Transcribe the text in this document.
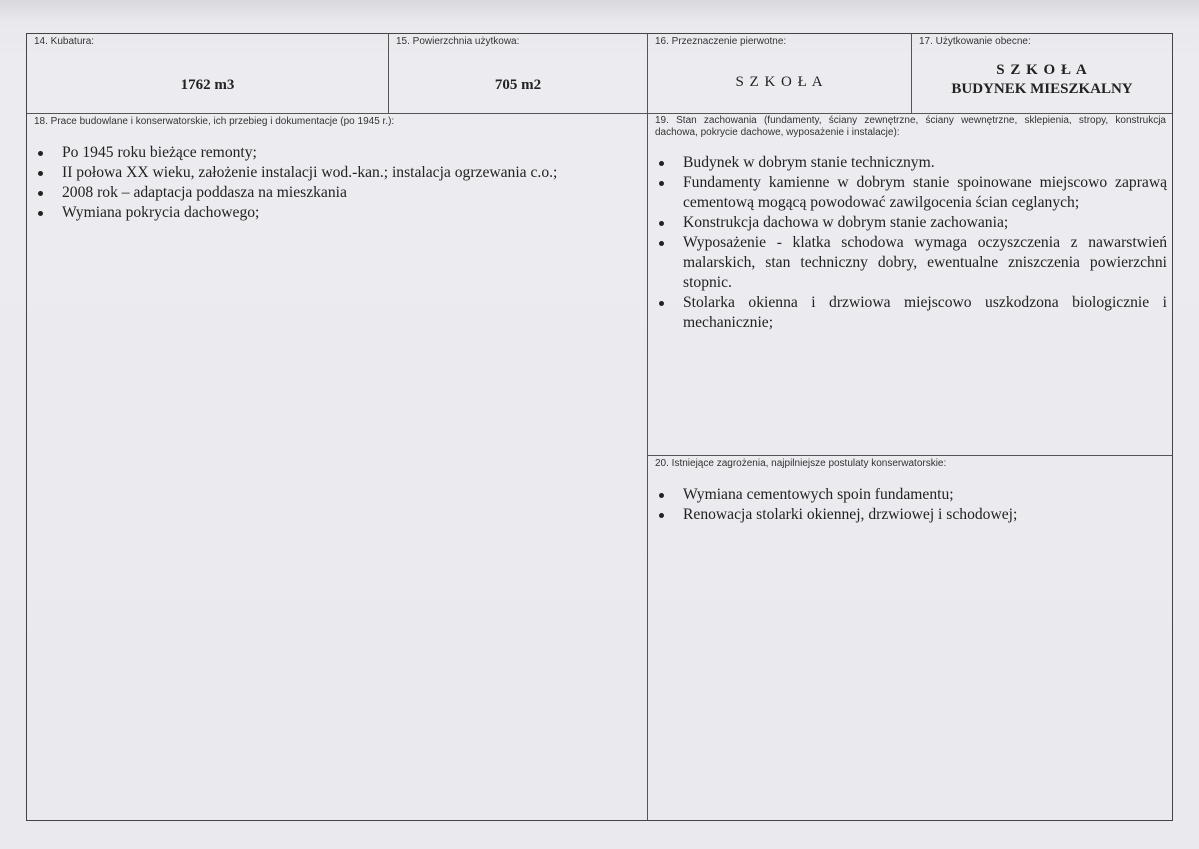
14. Kubatura:
1762 m3
15. Powierzchnia użytkowa:
705 m2
16. Przeznaczenie pierwotne:
S Z K O Ł A
17. Użytkowanie obecne:
S Z K O Ł A
BUDYNEK MIESZKALNY
18. Prace budowlane i konserwatorskie, ich przebieg i dokumentacje (po 1945 r.):
Po 1945 roku bieżące remonty;
II połowa XX wieku, założenie instalacji wod.-kan.; instalacja ogrzewania c.o.;
2008 rok – adaptacja poddasza na mieszkania
Wymiana pokrycia dachowego;
19. Stan zachowania (fundamenty, ściany zewnętrzne, ściany wewnętrzne, sklepienia, stropy, konstrukcja dachowa, pokrycie dachowe, wyposażenie i instalacje):
Budynek w dobrym stanie technicznym.
Fundamenty kamienne w dobrym stanie spoinowane miejscowo zaprawą cementową mogącą powodować zawilgocenia ścian ceglanych;
Konstrukcja dachowa w dobrym stanie zachowania;
Wyposażenie - klatka schodowa wymaga oczyszczenia z nawarstwień malarskich, stan techniczny dobry, ewentualne zniszczenia powierzchni stopnic.
Stolarka okienna i drzwiowa miejscowo uszkodzona biologicznie i mechanicznie;
20. Istniejące zagrożenia, najpilniejsze postulaty konserwatorskie:
Wymiana cementowych spoin fundamentu;
Renowacja stolarki okiennej, drzwiowej i schodowej;
